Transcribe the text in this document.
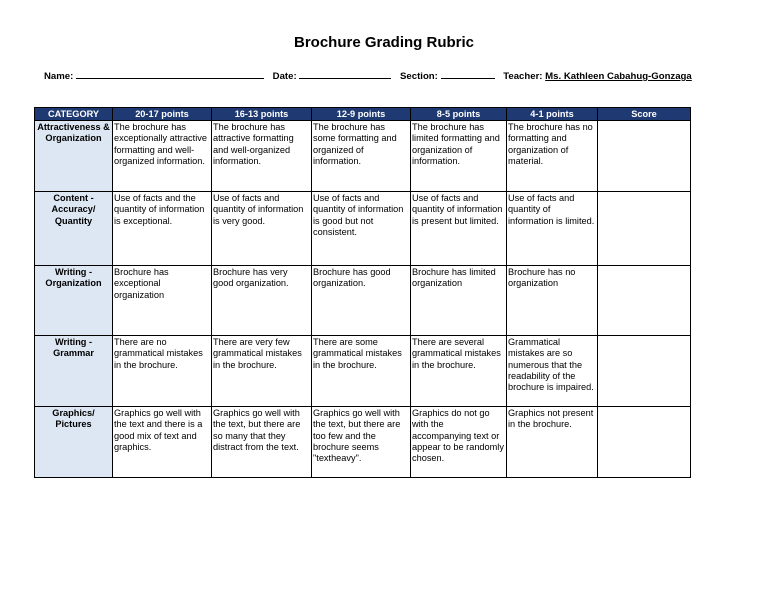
Brochure Grading Rubric
Name:	Date:	Section:	Teacher: Ms. Kathleen Cabahug-Gonzaga
CATEGORY	20-17 points	16-13 points	12-9 points	8-5 points	4-1 points	Score
Attractiveness & Organization	The brochure has exceptionally attractive formatting and well-organized information.	The brochure has attractive formatting and well-organized information.	The brochure has some formatting and organized of information.	The brochure has limited formatting and organization of information.	The brochure has no formatting and organization of material.	
Content - Accuracy/ Quantity	Use of facts and the quantity of information is exceptional.	Use of facts and quantity of information is very good.	Use of facts and quantity of information is good but not consistent.	Use of facts and quantity of information is present but limited.	Use of facts and quantity of information is limited.	
Writing - Organization	Brochure has exceptional organization	Brochure has very good organization.	Brochure has good organization.	Brochure has limited organization	Brochure has no organization	
Writing - Grammar	There are no grammatical mistakes in the brochure.	There are very few grammatical mistakes in the brochure.	There are some grammatical mistakes in the brochure.	There are several grammatical mistakes in the brochure.	Grammatical mistakes are so numerous that the readability of the brochure is impaired.	
Graphics/ Pictures	Graphics go well with the text and there is a good mix of text and graphics.	Graphics go well with the text, but there are so many that they distract from the text.	Graphics go well with the text, but there are too few and the brochure seems "textheavy".	Graphics do not go with the accompanying text or appear to be randomly chosen.	Graphics not present in the brochure.	
